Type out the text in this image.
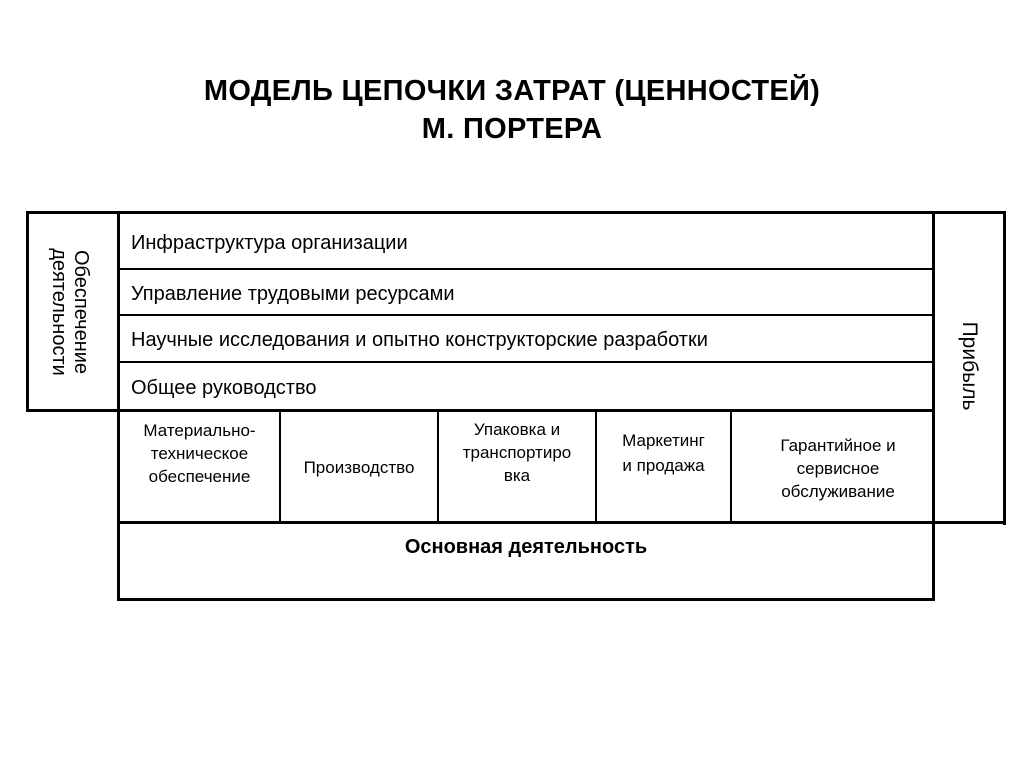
МОДЕЛЬ ЦЕПОЧКИ ЗАТРАТ (ЦЕННОСТЕЙ)
М. ПОРТЕРА
Обеспечение деятельности
Инфраструктура организации
Управление трудовыми ресурсами
Научные исследования и опытно конструкторские разработки
Общее руководство
Материально-
техническое
обеспечение	Производство
Упаковка и
транспортиро
вка
Маркетинг
и продажа
Гарантийное и
сервисное
обслуживание
Основная деятельность
Прибыль
